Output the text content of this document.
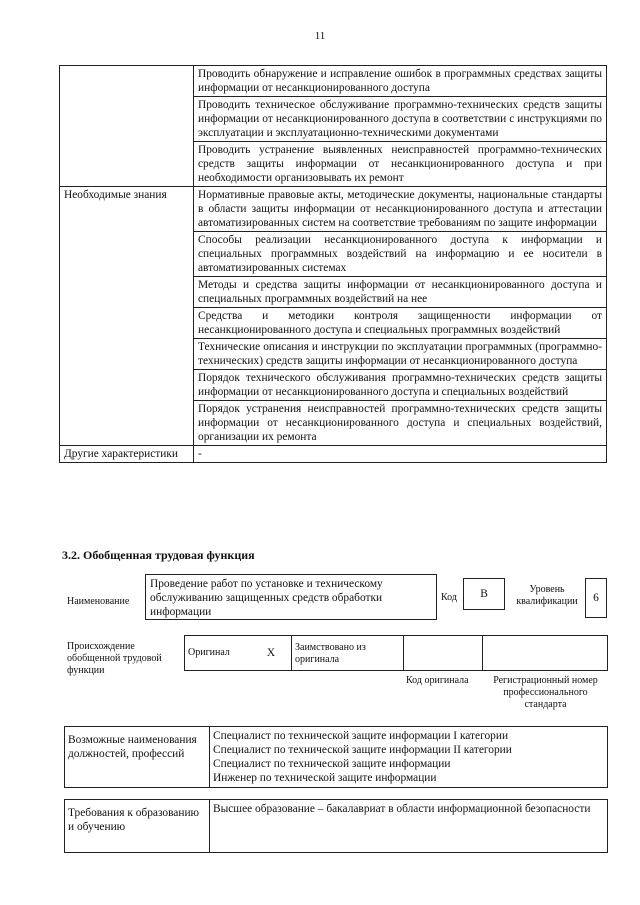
11
	Проводить обнаружение и исправление ошибок в программных средствах защиты информации от несанкционированного доступа
	Проводить техническое обслуживание программно-технических средств защиты информации от несанкционированного доступа в соответствии с инструкциями по эксплуатации и эксплуатационно-техническими документами
	Проводить устранение выявленных неисправностей программно-технических средств защиты информации от несанкционированного доступа и при необходимости организовывать их ремонт
Необходимые знания	Нормативные правовые акты, методические документы, национальные стандарты в области защиты информации от несанкционированного доступа и аттестации автоматизированных систем на соответствие требованиям по защите информации
	Способы реализации несанкционированного доступа к информации и специальных программных воздействий на информацию и ее носители в автоматизированных системах
	Методы и средства защиты информации от несанкционированного доступа и специальных программных воздействий на нее
	Средства и методики контроля защищенности информации от несанкционированного доступа и специальных программных воздействий
	Технические описания и инструкции по эксплуатации программных (программно-технических) средств защиты информации от несанкционированного доступа
	Порядок технического обслуживания программно-технических средств защиты информации от несанкционированного доступа и специальных воздействий
	Порядок устранения неисправностей программно-технических средств защиты информации от несанкционированного доступа и специальных воздействий, организации их ремонта
Другие характеристики	-
3.2. Обобщенная трудовая функция
Наименование
Проведение работ по установке и техническому обслуживанию защищенных средств обработки информации
Код	B	Уровень квалификации	6
Происхождение обобщенной трудовой функции
Оригинал	X	Заимствовано из оригинала		
Код оригинала	Регистрационный номер профессионального стандарта
Возможные наименования должностей, профессий	
Специалист по технической защите информации I категории
Специалист по технической защите информации II категории
Специалист по технической защите информации
Инженер по технической защите информации
Требования к образованию и обучению	Высшее образование – бакалавриат в области информационной безопасности
